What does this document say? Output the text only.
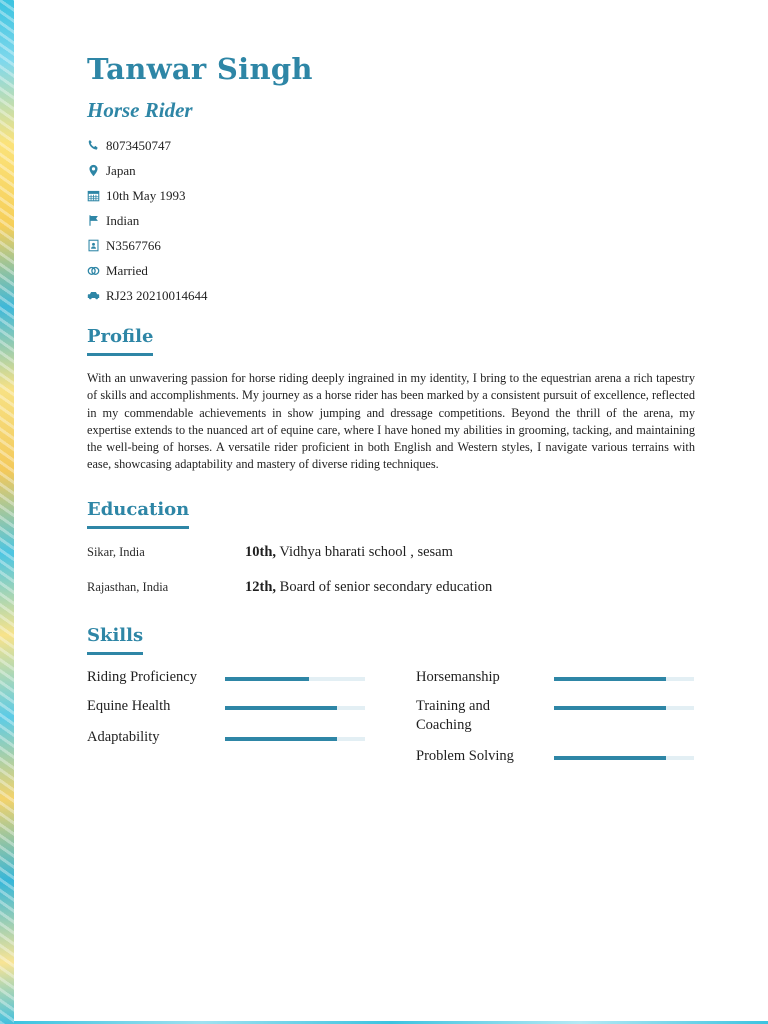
Tanwar Singh
Horse Rider
8073450747
Japan
10th May 1993
Indian
N3567766
Married
RJ23 20210014644
Profile

With an unwavering passion for horse riding deeply ingrained in my identity, I bring to the equestrian arena a rich tapestry of skills and accomplishments. My journey as a horse rider has been marked by a consistent pursuit of excellence, reflected in my commendable achievements in show jumping and dressage competitions. Beyond the thrill of the arena, my expertise extends to the nuanced art of equine care, where I have honed my abilities in grooming, tacking, and maintaining the well-being of horses. A versatile rider proficient in both English and Western styles, I navigate various terrains with ease, showcasing adaptability and mastery of diverse riding techniques.

Education
Sikar, India	10th, Vidhya bharati school , sesam
Rajasthan, India	12th, Board of senior secondary education
Skills
Riding Proficiency	Horsemanship
Equine Health	Training and Coaching
Adaptability
Problem Solving
